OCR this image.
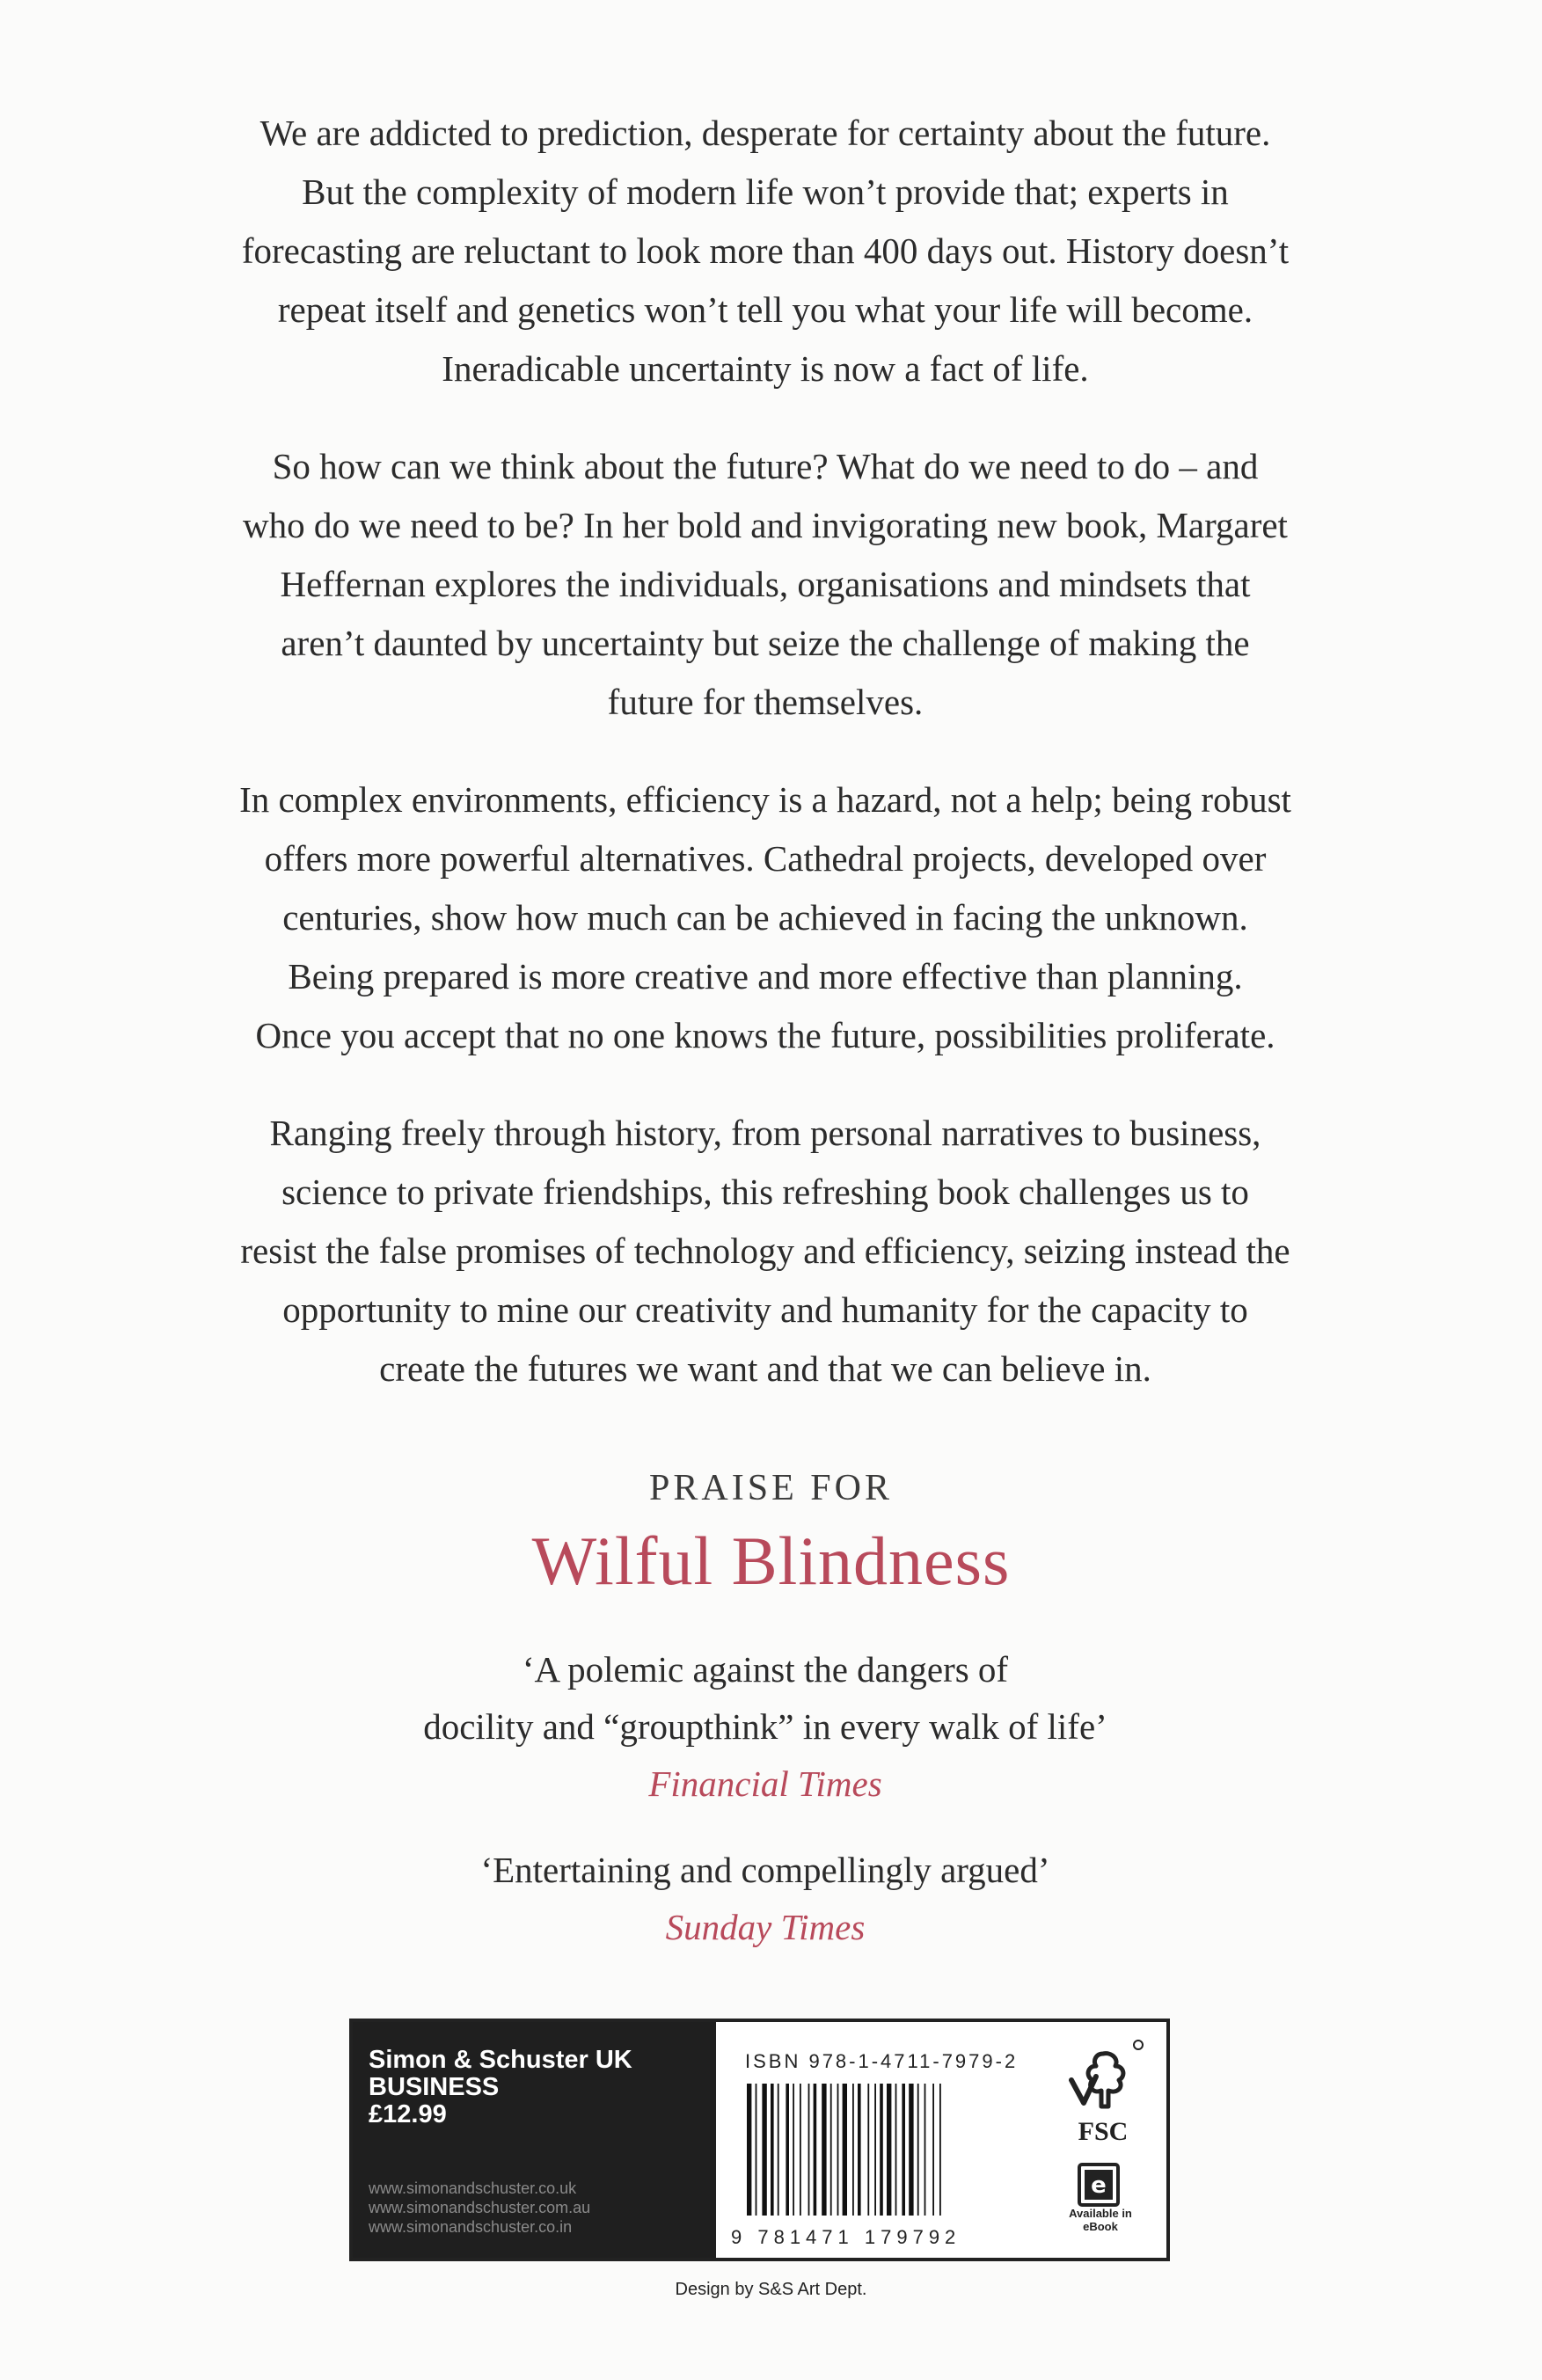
We are addicted to prediction, desperate for certainty about the future.
But the complexity of modern life won’t provide that; experts in
forecasting are reluctant to look more than 400 days out. History doesn’t
repeat itself and genetics won’t tell you what your life will become.
Ineradicable uncertainty is now a fact of life.
So how can we think about the future? What do we need to do – and
who do we need to be? In her bold and invigorating new book, Margaret
Heffernan explores the individuals, organisations and mindsets that
aren’t daunted by uncertainty but seize the challenge of making the
future for themselves.
In complex environments, efficiency is a hazard, not a help; being robust
offers more powerful alternatives. Cathedral projects, developed over
centuries, show how much can be achieved in facing the unknown.
Being prepared is more creative and more effective than planning.
Once you accept that no one knows the future, possibilities proliferate.
Ranging freely through history, from personal narratives to business,
science to private friendships, this refreshing book challenges us to
resist the false promises of technology and efficiency, seizing instead the
opportunity to mine our creativity and humanity for the capacity to
create the futures we want and that we can believe in.
PRAISE FOR
Wilful Blindness
‘A polemic against the dangers of
docility and “groupthink” in every walk of life’
Financial Times
‘Entertaining and compellingly argued’
Sunday Times
Simon & Schuster UK
BUSINESS
£12.99
www.simonandschuster.co.uk
www.simonandschuster.com.au
www.simonandschuster.co.in
ISBN 978-1-4711-7979-2
9 781471 179792
FSC
e
Available in
eBook
Design by S&S Art Dept.
